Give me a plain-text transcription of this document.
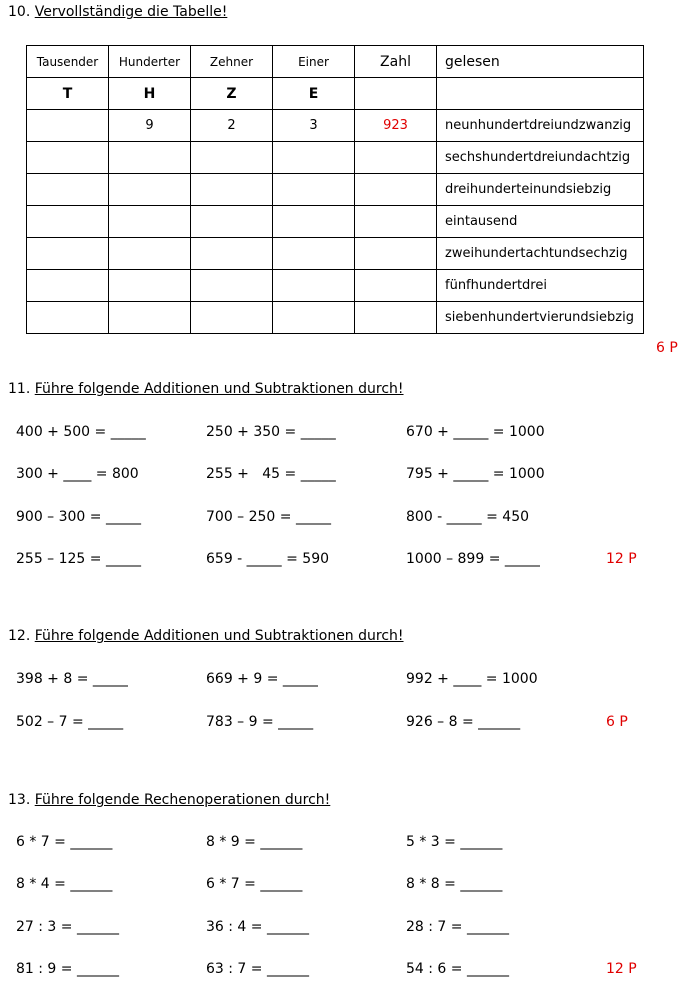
10. Vervollständige die Tabelle!
Tausender	Hunderter	Zehner	Einer	Zahl	gelesen
T	H	Z	E		
	9	2	3	923	neunhundertdreiundzwanzig
					sechshundertdreiundachtzig
					dreihunderteinundsiebzig
					eintausend
					zweihundertachtundsechzig
					fünfhundertdrei
					siebenhundertvierundsiebzig
6 P
11. Führe folgende Additionen und Subtraktionen durch!
400 + 500 = _____	250 + 350 = _____	670 + _____ = 1000
300 + ____ = 800	255 +   45 = _____	795 + _____ = 1000
900 – 300 = _____	700 – 250 = _____	800 - _____ = 450
255 – 125 = _____	659 - _____ = 590	1000 – 899 = _____	12 P
12. Führe folgende Additionen und Subtraktionen durch!
398 + 8 = _____	669 + 9 = _____	992 + ____ = 1000
502 – 7 = _____	783 – 9 = _____	926 – 8 = ______	6 P
13. Führe folgende Rechenoperationen durch!
6 * 7 = ______	8 * 9 = ______	5 * 3 = ______
8 * 4 = ______	6 * 7 = ______	8 * 8 = ______
27 : 3 = ______	36 : 4 = ______	28 : 7 = ______
81 : 9 = ______	63 : 7 = ______	54 : 6 = ______	12 P
